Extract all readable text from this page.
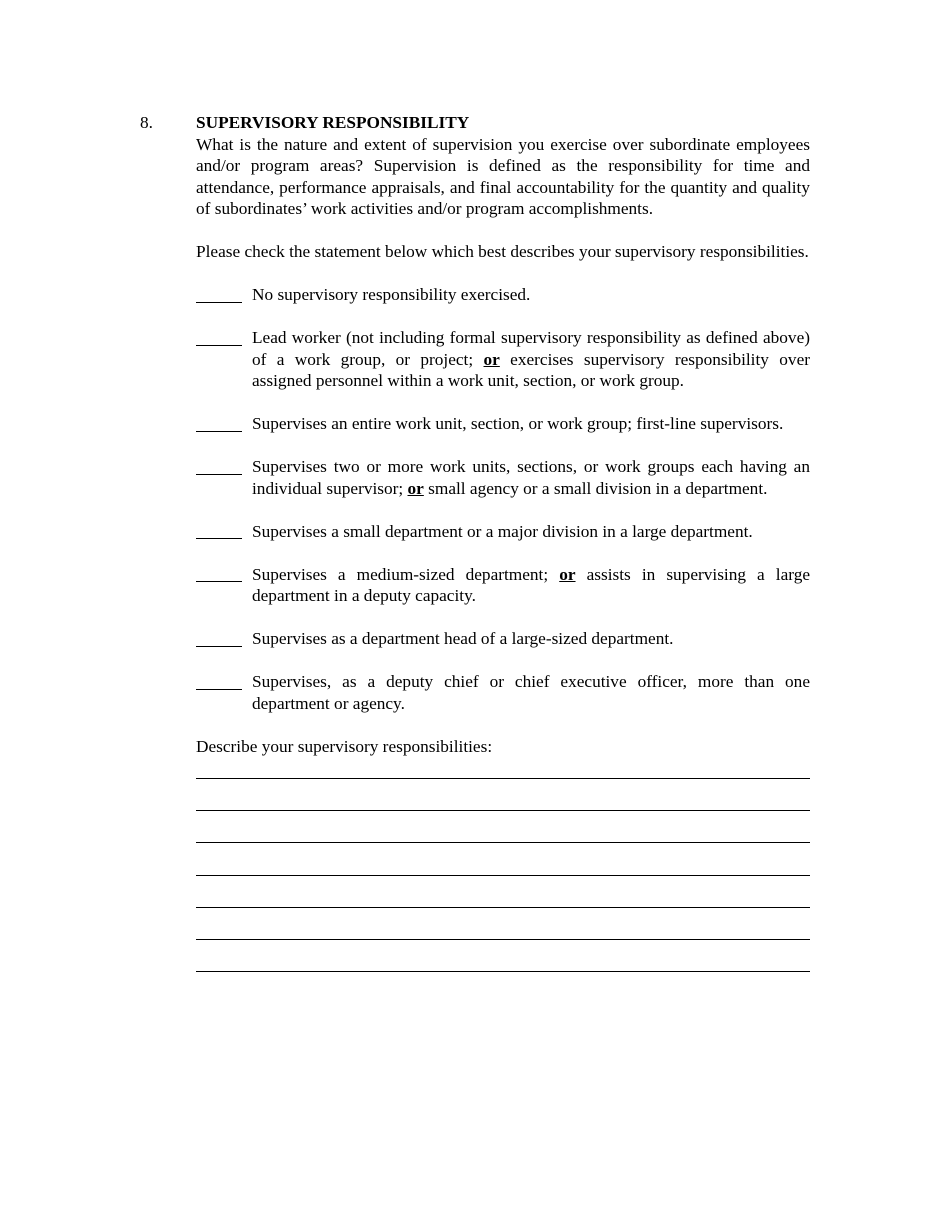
8. SUPERVISORY RESPONSIBILITY

What is the nature and extent of supervision you exercise over subordinate employees and/or program areas? Supervision is defined as the responsibility for time and attendance, performance appraisals, and final accountability for the quantity and quality of subordinates’ work activities and/or program accomplishments.

Please check the statement below which best describes your supervisory responsibilities.

No supervisory responsibility exercised.
Lead worker (not including formal supervisory responsibility as defined above) of a work group, or project; or exercises supervisory responsibility over assigned personnel within a work unit, section, or work group.
Supervises an entire work unit, section, or work group; first-line supervisors.
Supervises two or more work units, sections, or work groups each having an individual supervisor; or small agency or a small division in a department.
Supervises a small department or a major division in a large department.
Supervises a medium-sized department; or assists in supervising a large department in a deputy capacity.
Supervises as a department head of a large-sized department.
Supervises, as a deputy chief or chief executive officer, more than one department or agency.
Describe your supervisory responsibilities:
